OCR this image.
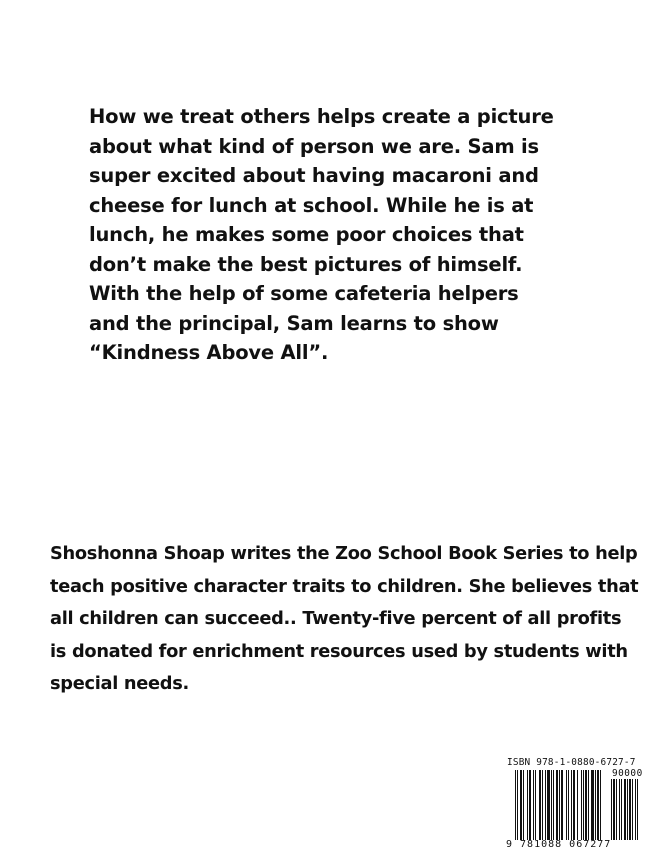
How we treat others helps create a picture about what kind of person we are. Sam is super excited about having macaroni and cheese for lunch at school. While he is at lunch, he makes some poor choices that don’t make the best pictures of himself. With the help of some cafeteria helpers and the principal, Sam learns to show “Kindness Above All”.

Shoshonna Shoap writes the Zoo School Book Series to help teach positive character traits to children. She believes that all children can succeed.. Twenty-five percent of all profits is donated for enrichment resources used by students with special needs.

ISBN 978-1-0880-6727-7
90000
9 781088 067277
